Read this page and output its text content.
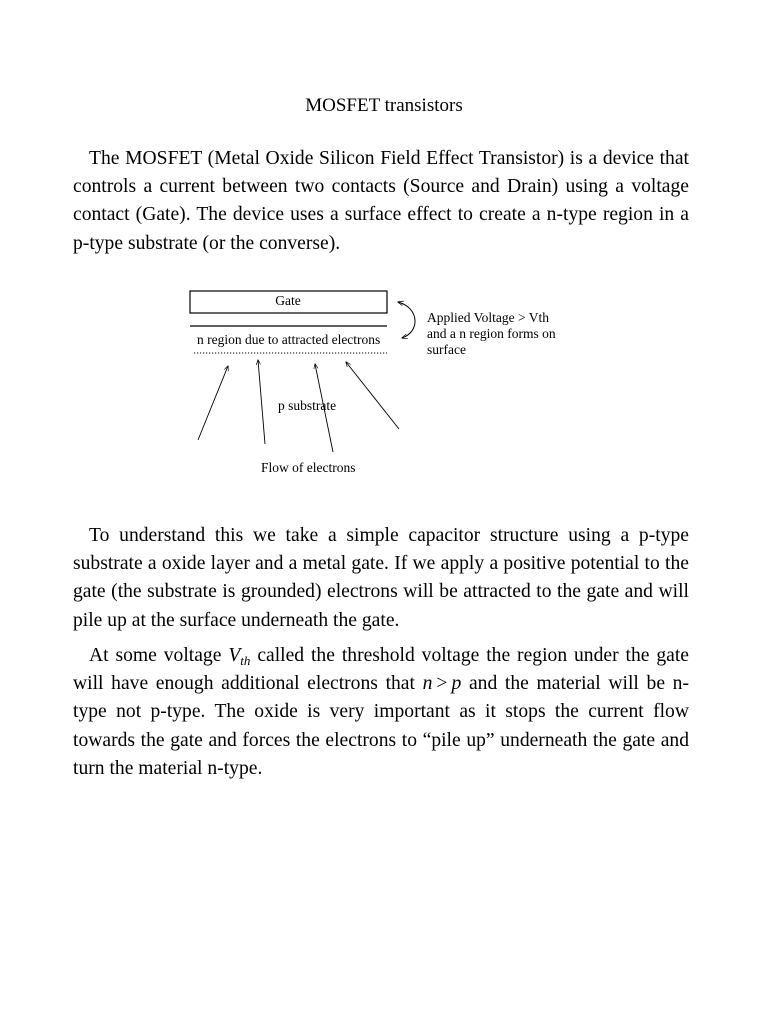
MOSFET transistors

The MOSFET (Metal Oxide Silicon Field Effect Transistor) is a device that controls a current between two contacts (Source and Drain) using a voltage contact (Gate). The device uses a surface effect to create a n-type region in a p-type substrate (or the converse).

Gate
n region due to attracted electrons
Applied Voltage > Vth
and a n region forms on
surface
p substrate
Flow of electrons

To understand this we take a simple capacitor structure using a p-type substrate a oxide layer and a metal gate. If we apply a positive potential to the gate (the substrate is grounded) electrons will be attracted to the gate and will pile up at the surface underneath the gate.

At some voltage $V_{th}$ called the threshold voltage the region under the gate will have enough additional electrons that n > p and the material will be n-type not p-type. The oxide is very important as it stops the current flow towards the gate and forces the electrons to “pile up” underneath the gate and turn the material n-type.
